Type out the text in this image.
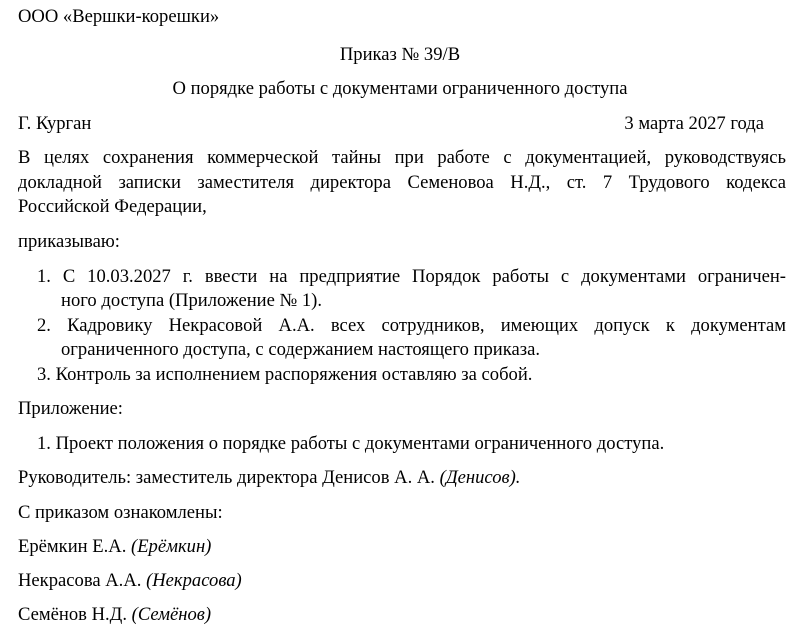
ООО «Вершки-корешки»
Приказ № 39/В
О порядке работы с документами ограниченного доступа
Г. Курган	3 марта 2027 года
В целях сохранения коммерческой тайны при работе с документацией, руководствуясь
докладной записки заместителя директора Семеновоа Н.Д., ст. 7 Трудового кодекса
Российской Федерации,
приказываю:
1. С 10.03.2027 г. ввести на предприятие Порядок работы с документами ограничен-
ного доступа (Приложение № 1).
2. Кадровику Некрасовой А.А. всех сотрудников, имеющих допуск к документам
ограниченного доступа, с содержанием настоящего приказа.
3. Контроль за исполнением распоряжения оставляю за собой.
Приложение:
1. Проект положения о порядке работы с документами ограниченного доступа.
Руководитель: заместитель директора Денисов А. А. (Денисов).
С приказом ознакомлены:
Ерёмкин Е.А. (Ерёмкин)
Некрасова А.А. (Некрасова)
Семёнов Н.Д. (Семёнов)
